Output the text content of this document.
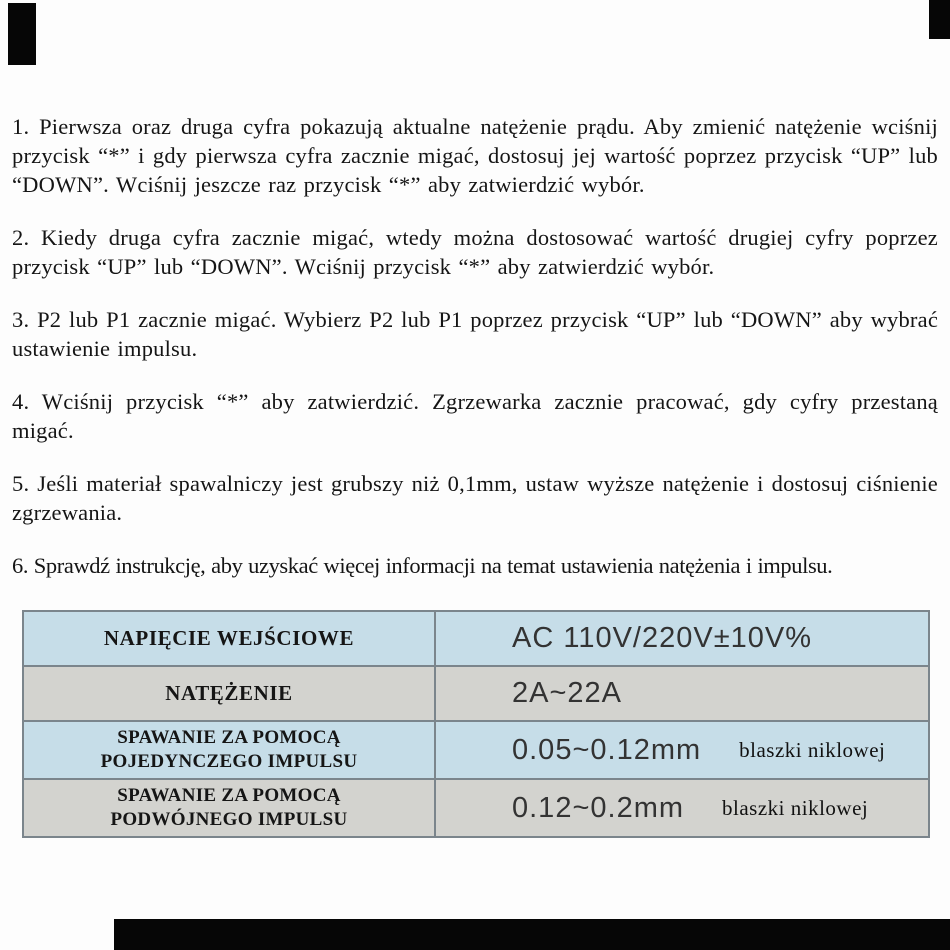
1. Pierwsza oraz druga cyfra pokazują aktualne natężenie prądu. Aby zmienić natężenie wciśnij przycisk “*” i gdy pierwsza cyfra zacznie migać, dostosuj jej wartość poprzez przycisk “UP” lub “DOWN”. Wciśnij jeszcze raz przycisk “*” aby zatwierdzić wybór.

2. Kiedy druga cyfra zacznie migać, wtedy można dostosować wartość drugiej cyfry poprzez przycisk “UP” lub “DOWN”. Wciśnij przycisk “*” aby zatwierdzić wybór.

3. P2 lub P1 zacznie migać. Wybierz P2 lub P1 poprzez przycisk “UP” lub “DOWN” aby wybrać ustawienie impulsu.

4. Wciśnij przycisk “*” aby zatwierdzić. Zgrzewarka zacznie pracować, gdy cyfry przestaną migać.

5. Jeśli materiał spawalniczy jest grubszy niż 0,1mm, ustaw wyższe natężenie i dostosuj ciśnienie zgrzewania.

6. Sprawdź instrukcję, aby uzyskać więcej informacji na temat ustawienia natężenia i impulsu.

NAPIĘCIE WEJŚCIOWE	AC 110V/220V±10V%
NATĘŻENIE	2A~22A
SPAWANIE ZA POMOCĄ
POJEDYNCZEGO IMPULSU	0.05~0.12mm blaszki niklowej
SPAWANIE ZA POMOCĄ
PODWÓJNEGO IMPULSU	0.12~0.2mm blaszki niklowej
